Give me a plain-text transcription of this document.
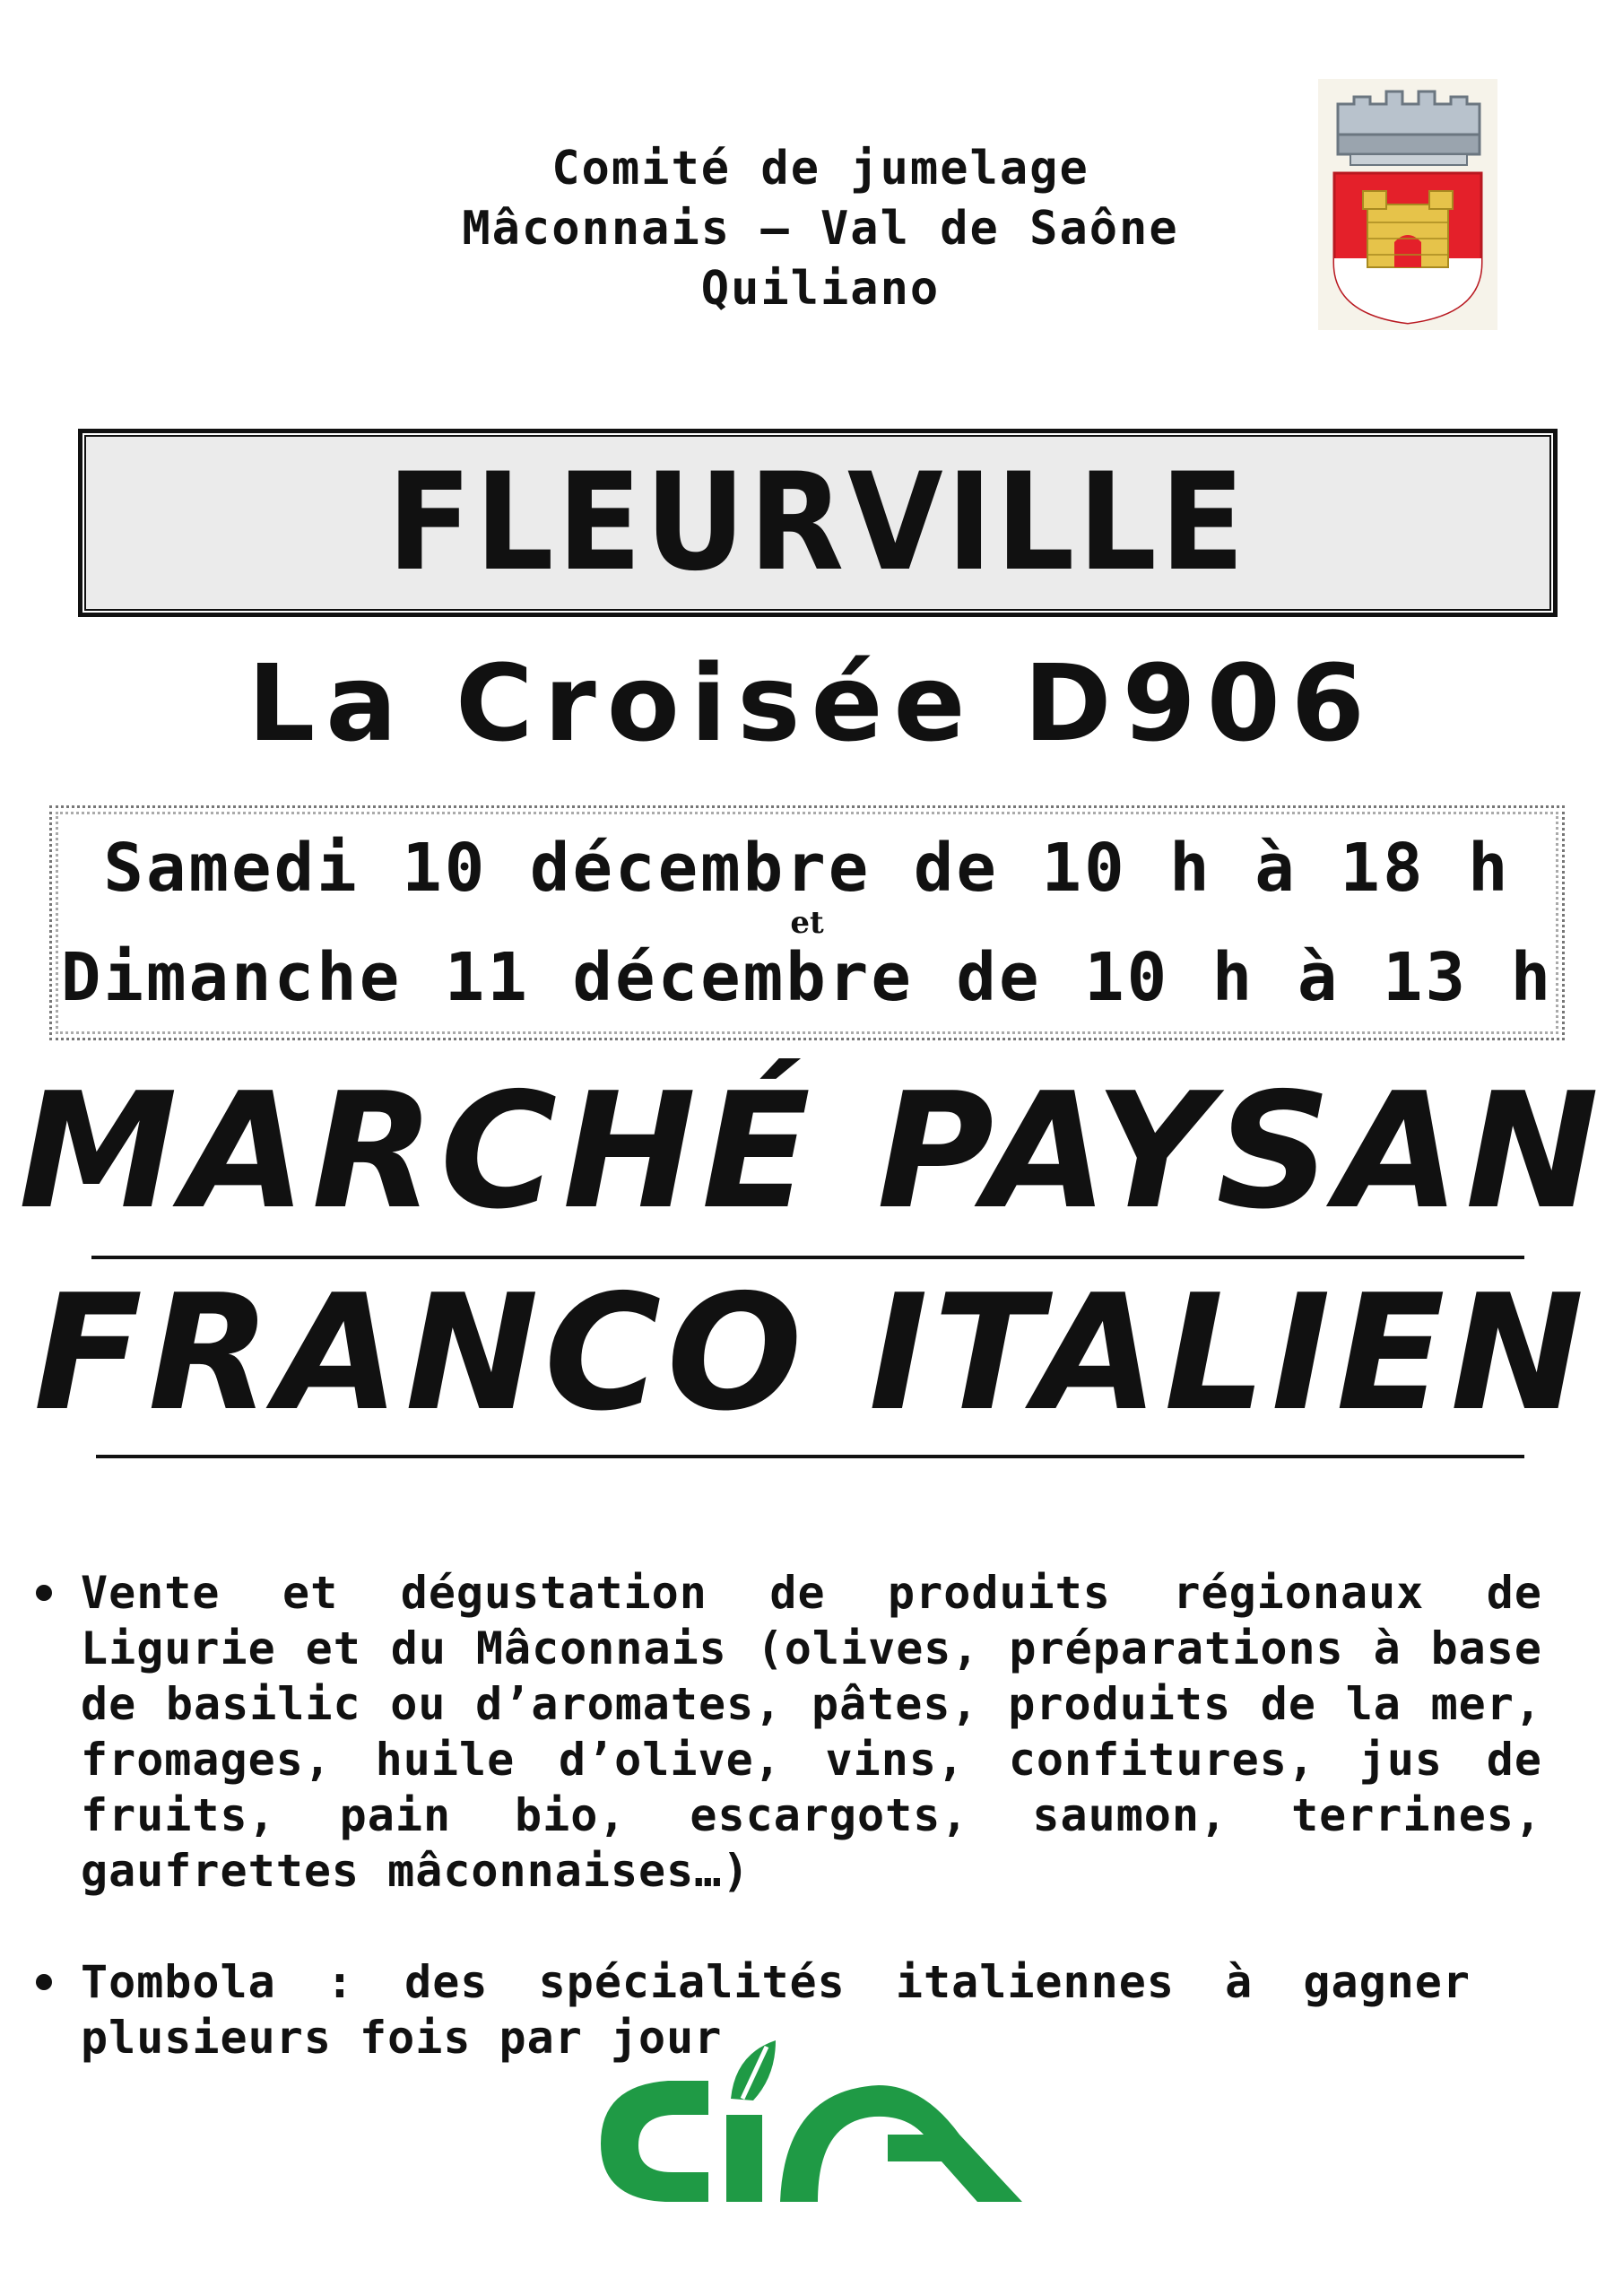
Comité de jumelage
Mâconnais – Val de Saône
Quiliano
FLEURVILLE
La Croisée D906
Samedi 10 décembre de 10 h à 18 h
et
Dimanche 11 décembre de 10 h à 13 h
MARCHÉ PAYSAN
FRANCO ITALIEN
Vente et dégustation de produits régionaux de Ligurie et du Mâconnais (olives, préparations à base de basilic ou d’aromates, pâtes, produits de la mer, fromages, huile d’olive, vins, confitures, jus de fruits, pain bio, escargots, saumon, terrines, gaufrettes mâconnaises…)
Tombola : des spécialités italiennes à gagner plusieurs fois par jour
